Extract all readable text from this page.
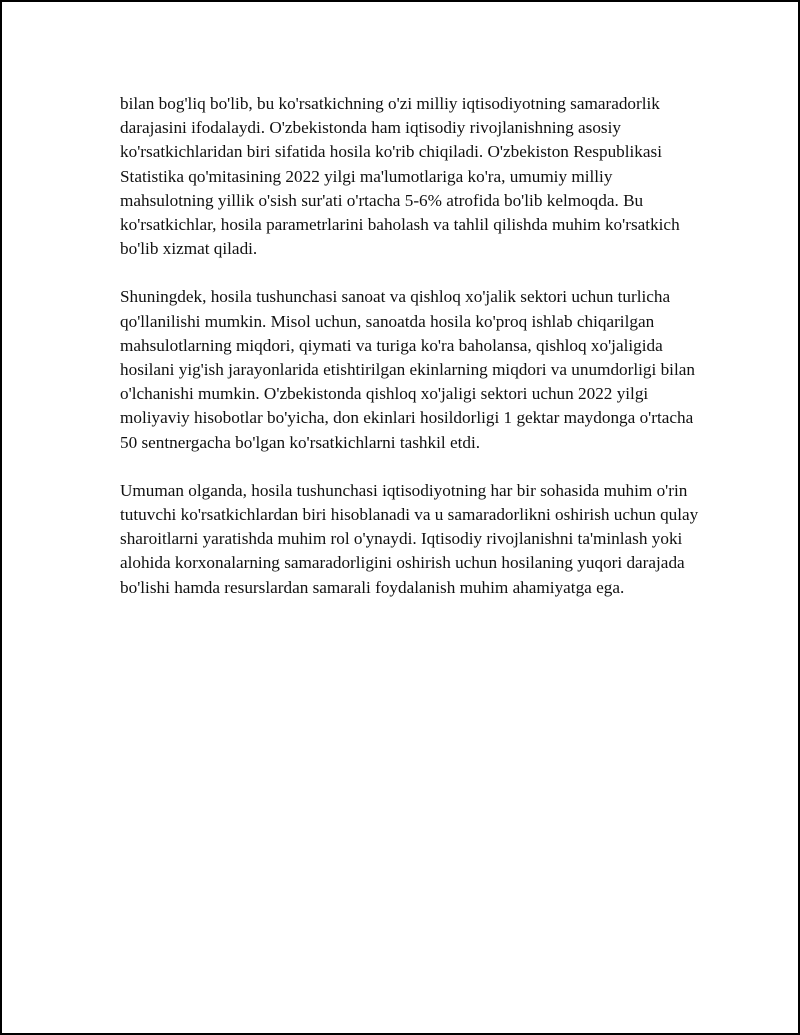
bilan bog'liq bo'lib, bu ko'rsatkichning o'zi milliy iqtisodiyotning samaradorlik darajasini ifodalaydi. O'zbekistonda ham iqtisodiy rivojlanishning asosiy ko'rsatkichlaridan biri sifatida hosila ko'rib chiqiladi. O'zbekiston Respublikasi Statistika qo'mitasining 2022 yilgi ma'lumotlariga ko'ra, umumiy milliy mahsulotning yillik o'sish sur'ati o'rtacha 5-6% atrofida bo'lib kelmoqda. Bu ko'rsatkichlar, hosila parametrlarini baholash va tahlil qilishda muhim ko'rsatkich bo'lib xizmat qiladi.

Shuningdek, hosila tushunchasi sanoat va qishloq xo'jalik sektori uchun turlicha qo'llanilishi mumkin. Misol uchun, sanoatda hosila ko'proq ishlab chiqarilgan mahsulotlarning miqdori, qiymati va turiga ko'ra baholansa, qishloq xo'jaligida hosilani yig'ish jarayonlarida etishtirilgan ekinlarning miqdori va unumdorligi bilan o'lchanishi mumkin. O'zbekistonda qishloq xo'jaligi sektori uchun 2022 yilgi moliyaviy hisobotlar bo'yicha, don ekinlari hosildorligi 1 gektar maydonga o'rtacha 50 sentnergacha bo'lgan ko'rsatkichlarni tashkil etdi.

Umuman olganda, hosila tushunchasi iqtisodiyotning har bir sohasida muhim o'rin tutuvchi ko'rsatkichlardan biri hisoblanadi va u samaradorlikni oshirish uchun qulay sharoitlarni yaratishda muhim rol o'ynaydi. Iqtisodiy rivojlanishni ta'minlash yoki alohida korxonalarning samaradorligini oshirish uchun hosilaning yuqori darajada bo'lishi hamda resurslardan samarali foydalanish muhim ahamiyatga ega.
